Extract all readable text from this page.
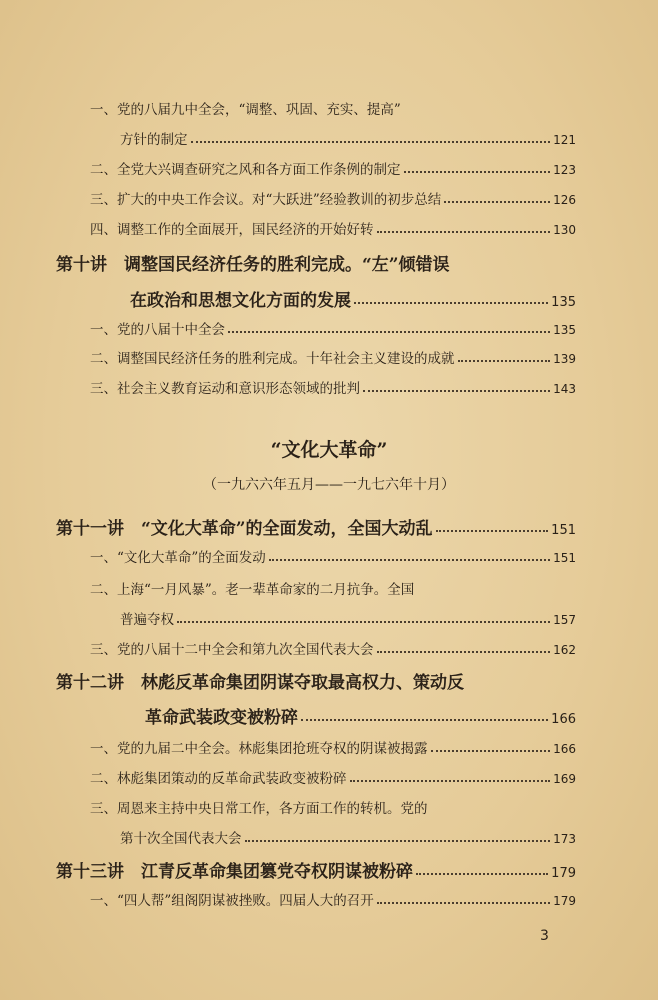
一、党的八届九中全会，“调整、巩固、充实、提高”
方针的制定	121
二、全党大兴调查研究之风和各方面工作条例的制定	123
三、扩大的中央工作会议。对“大跃进”经验教训的初步总结	126
四、调整工作的全面展开，国民经济的开始好转	130
第十讲　调整国民经济任务的胜利完成。“左”倾错误
在政治和思想文化方面的发展	135
一、党的八届十中全会	135
二、调整国民经济任务的胜利完成。十年社会主义建设的成就	139
三、社会主义教育运动和意识形态领域的批判	143
“文化大革命”
（一九六六年五月——一九七六年十月）
第十一讲　“文化大革命”的全面发动，全国大动乱	151
一、“文化大革命”的全面发动	151
二、上海“一月风暴”。老一辈革命家的二月抗争。全国
普遍夺权	157
三、党的八届十二中全会和第九次全国代表大会	162
第十二讲　林彪反革命集团阴谋夺取最高权力、策动反
革命武装政变被粉碎	166
一、党的九届二中全会。林彪集团抢班夺权的阴谋被揭露	166
二、林彪集团策动的反革命武装政变被粉碎	169
三、周恩来主持中央日常工作，各方面工作的转机。党的
第十次全国代表大会	173
第十三讲　江青反革命集团篡党夺权阴谋被粉碎	179
一、“四人帮”组阁阴谋被挫败。四届人大的召开	179
3
